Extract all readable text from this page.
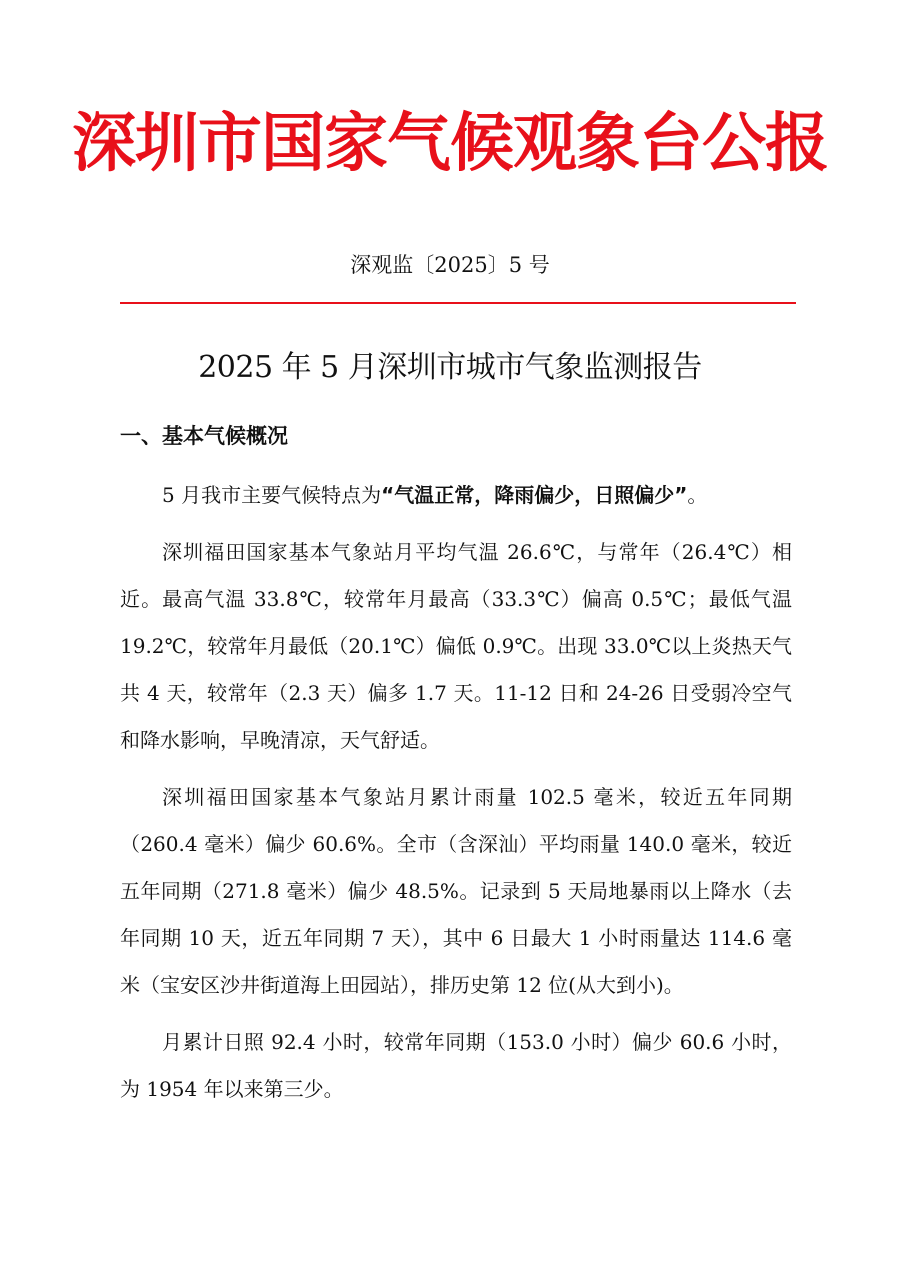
深圳市国家气候观象台公报
深观监〔2025〕5 号
2025 年 5 月深圳市城市气象监测报告
一、基本气候概况

5 月我市主要气候特点为“气温正常，降雨偏少，日照偏少”。

深圳福田国家基本气象站月平均气温 26.6℃，与常年（26.4℃）相近。最高气温 33.8℃，较常年月最高（33.3℃）偏高 0.5℃；最低气温 19.2℃，较常年月最低（20.1℃）偏低 0.9℃。出现 33.0℃以上炎热天气共 4 天，较常年（2.3 天）偏多 1.7 天。11-12 日和 24-26 日受弱冷空气和降水影响，早晚清凉，天气舒适。

深圳福田国家基本气象站月累计雨量 102.5 毫米，较近五年同期（260.4 毫米）偏少 60.6%。全市（含深汕）平均雨量 140.0 毫米，较近五年同期（271.8 毫米）偏少 48.5%。记录到 5 天局地暴雨以上降水（去年同期 10 天，近五年同期 7 天），其中 6 日最大 1 小时雨量达 114.6 毫米（宝安区沙井街道海上田园站），排历史第 12 位(从大到小)。

月累计日照 92.4 小时，较常年同期（153.0 小时）偏少 60.6 小时，为 1954 年以来第三少。
